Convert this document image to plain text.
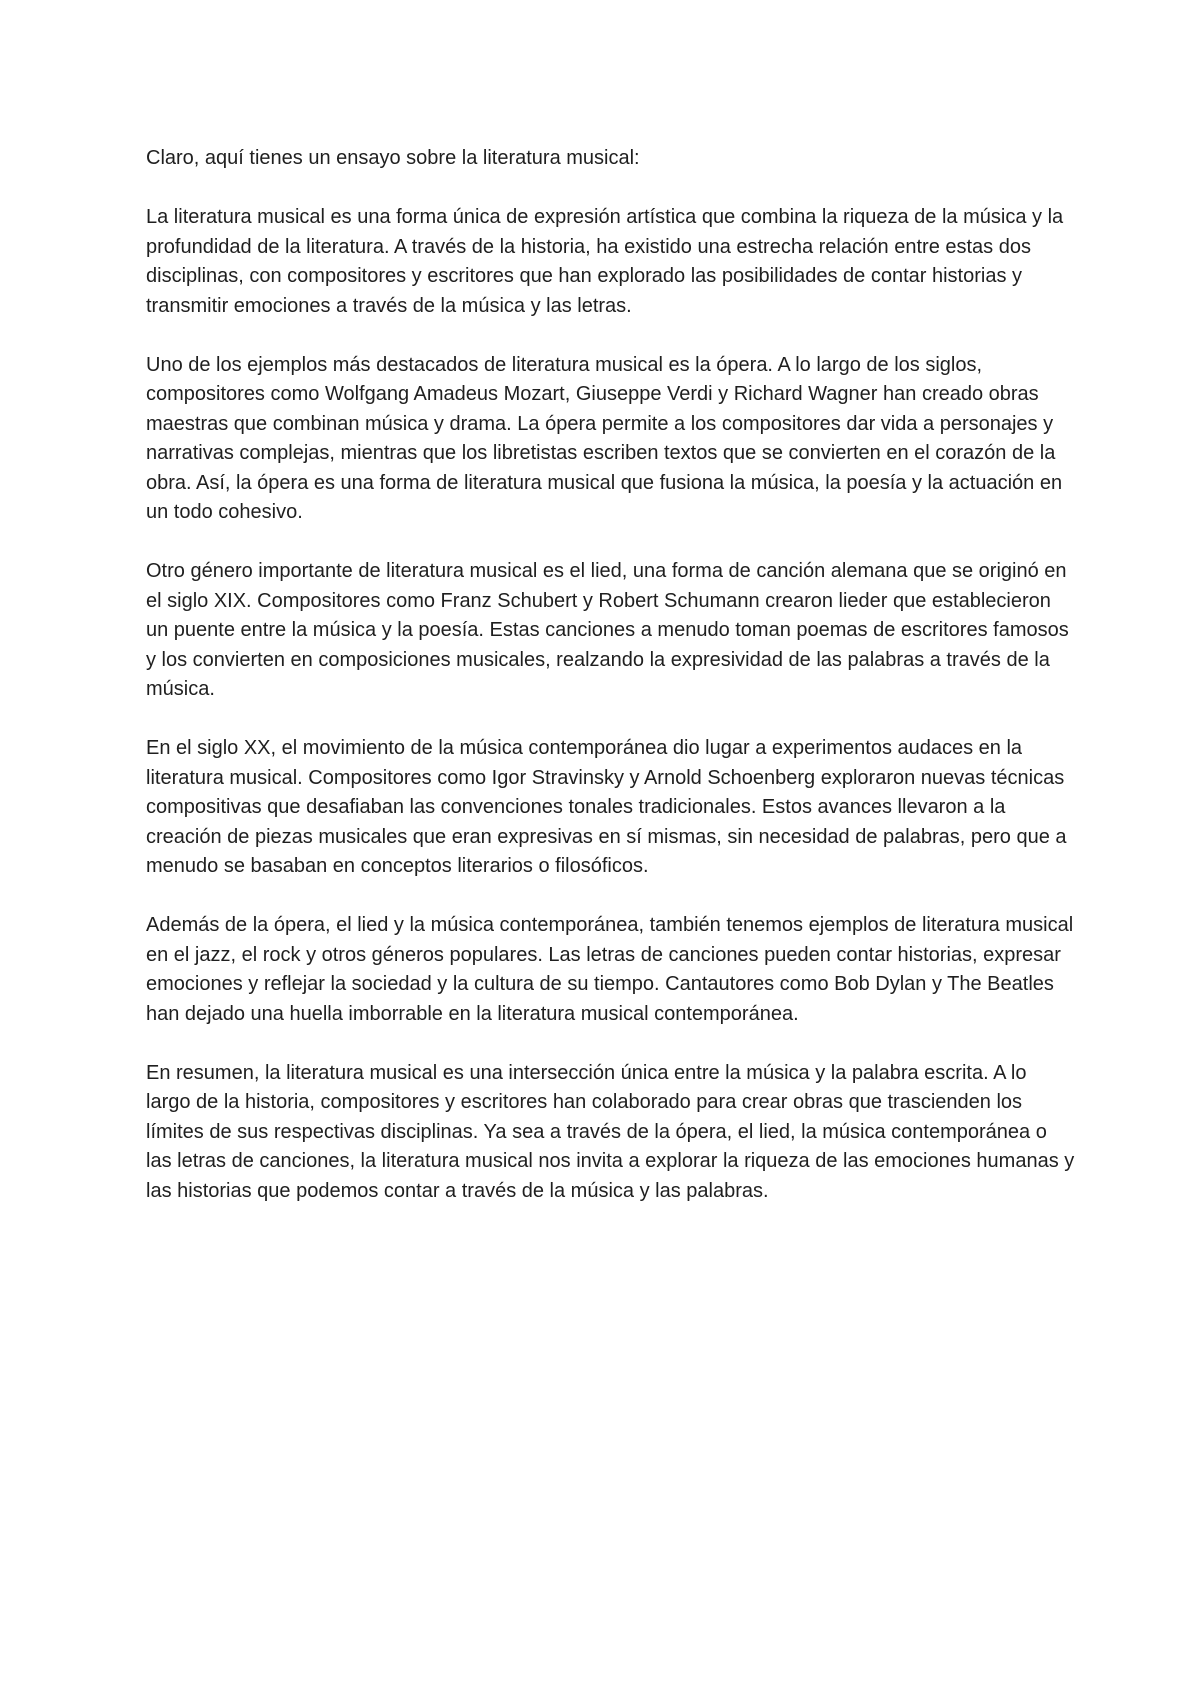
Claro, aquí tienes un ensayo sobre la literatura musical:

La literatura musical es una forma única de expresión artística que combina la riqueza de la música y la profundidad de la literatura. A través de la historia, ha existido una estrecha relación entre estas dos disciplinas, con compositores y escritores que han explorado las posibilidades de contar historias y transmitir emociones a través de la música y las letras.

Uno de los ejemplos más destacados de literatura musical es la ópera. A lo largo de los siglos, compositores como Wolfgang Amadeus Mozart, Giuseppe Verdi y Richard Wagner han creado obras maestras que combinan música y drama. La ópera permite a los compositores dar vida a personajes y narrativas complejas, mientras que los libretistas escriben textos que se convierten en el corazón de la obra. Así, la ópera es una forma de literatura musical que fusiona la música, la poesía y la actuación en un todo cohesivo.

Otro género importante de literatura musical es el lied, una forma de canción alemana que se originó en el siglo XIX. Compositores como Franz Schubert y Robert Schumann crearon lieder que establecieron un puente entre la música y la poesía. Estas canciones a menudo toman poemas de escritores famosos y los convierten en composiciones musicales, realzando la expresividad de las palabras a través de la música.

En el siglo XX, el movimiento de la música contemporánea dio lugar a experimentos audaces en la literatura musical. Compositores como Igor Stravinsky y Arnold Schoenberg exploraron nuevas técnicas compositivas que desafiaban las convenciones tonales tradicionales. Estos avances llevaron a la creación de piezas musicales que eran expresivas en sí mismas, sin necesidad de palabras, pero que a menudo se basaban en conceptos literarios o filosóficos.

Además de la ópera, el lied y la música contemporánea, también tenemos ejemplos de literatura musical en el jazz, el rock y otros géneros populares. Las letras de canciones pueden contar historias, expresar emociones y reflejar la sociedad y la cultura de su tiempo. Cantautores como Bob Dylan y The Beatles han dejado una huella imborrable en la literatura musical contemporánea.

En resumen, la literatura musical es una intersección única entre la música y la palabra escrita. A lo largo de la historia, compositores y escritores han colaborado para crear obras que trascienden los límites de sus respectivas disciplinas. Ya sea a través de la ópera, el lied, la música contemporánea o las letras de canciones, la literatura musical nos invita a explorar la riqueza de las emociones humanas y las historias que podemos contar a través de la música y las palabras.
